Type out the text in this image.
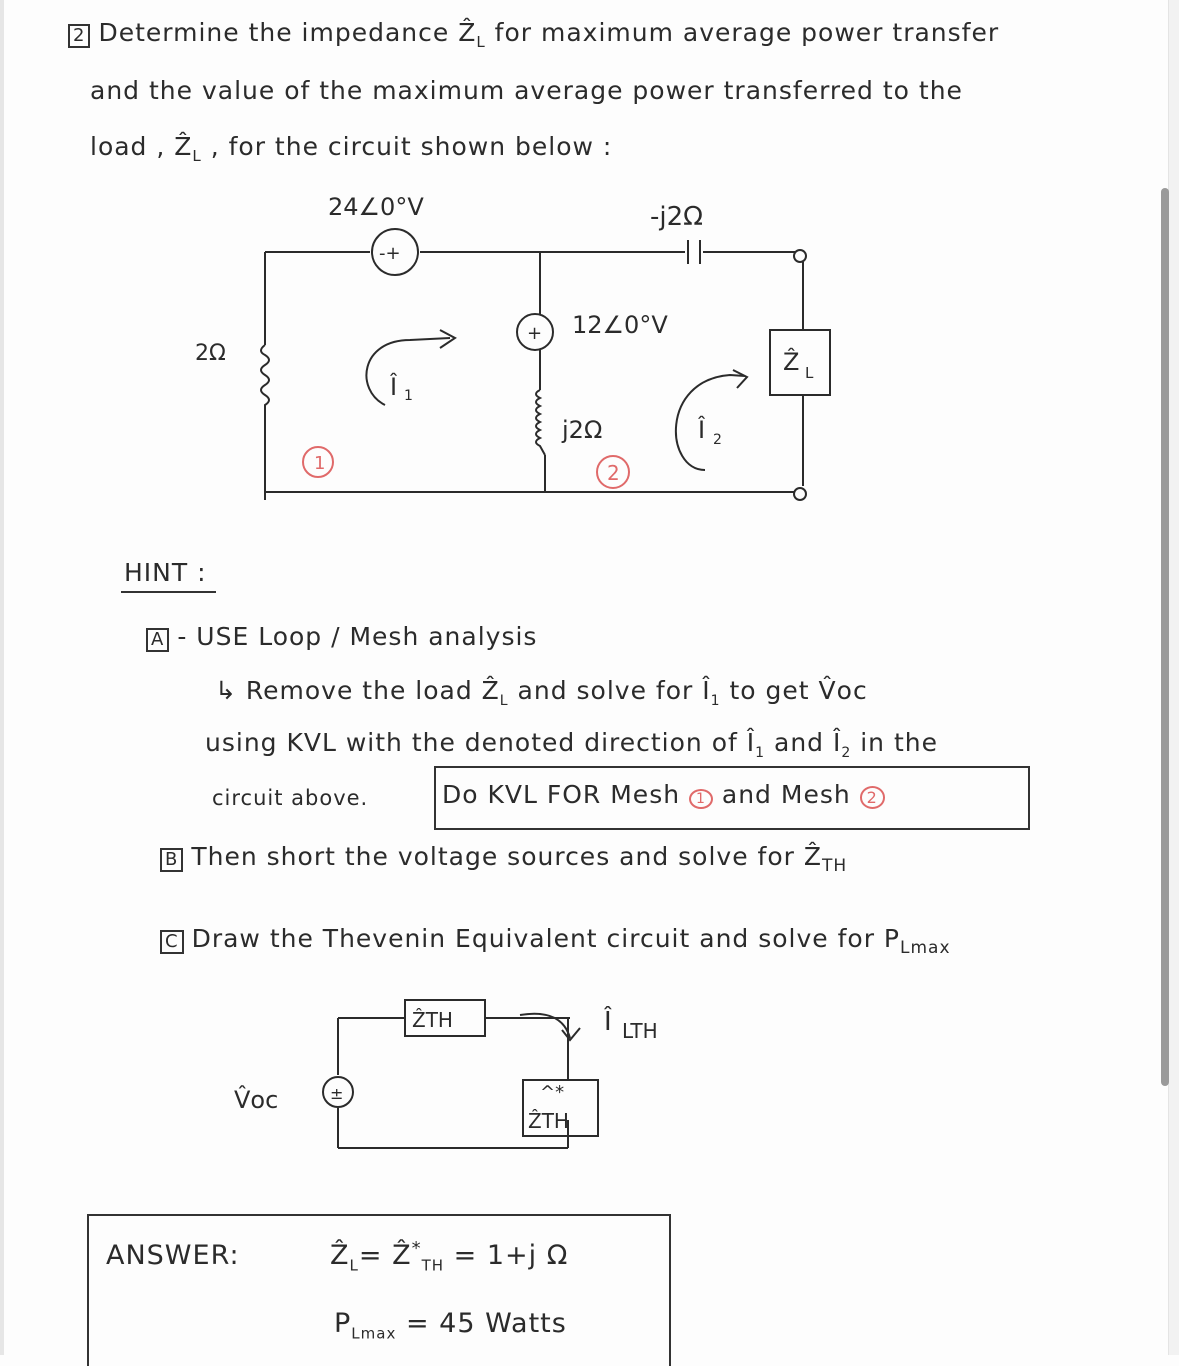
2 Determine the impedance Ẑ$_L$ for maximum average power transfer
and the value of the maximum average power transferred to the
load , Ẑ$_L$ , for the circuit shown below :
24∠0°V	-j2Ω
12∠0°V
2Ω
j2Ω
Ẑ L
Î 1
Î 2
1	2
-+
+
HINT :
A - USE Loop / Mesh analysis
↳ Remove the load Ẑ$_L$ and solve for $Î_1$ to get V̂oc
using KVL with the denoted direction of $Î_1$ and $Î_2$ in the
circuit above.	Do KVL FOR Mesh 1 and Mesh 2
B Then short the voltage sources and solve for Ẑ$_{TH}$
C Draw the Thevenin Equivalent circuit and solve for $P_{Lmax}$
±
ẐTH	Î LTH
V̂oc	^*
ẐTH
ANSWER:	Ẑ$_L$= Ẑ*$_{TH}$ = 1+j Ω
$P_{Lmax} = 45$ Watts
